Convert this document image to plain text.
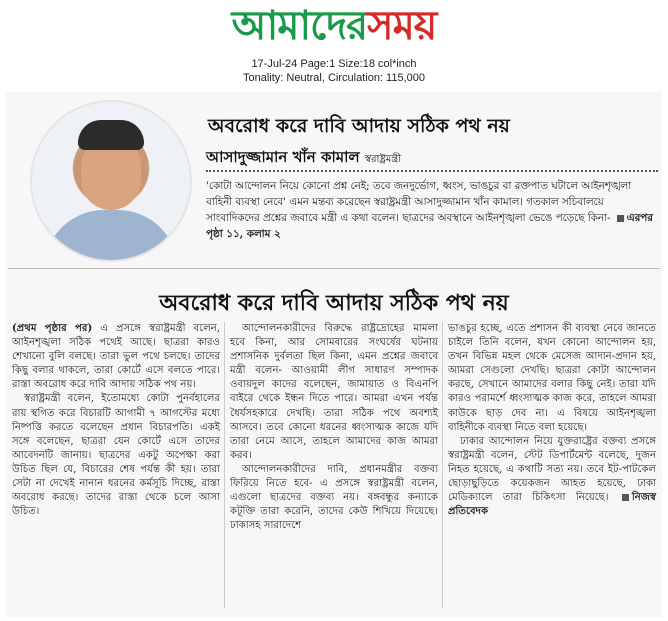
আমাদেরসময়
17-Jul-24 Page:1 Size:18 col*inch
Tonality: Neutral, Circulation: 115,000
অবরোধ করে দাবি আদায় সঠিক পথ নয়
আসাদুজ্জামান খাঁন কামাল স্বরাষ্ট্রমন্ত্রী
'কোটা আন্দোলন নিয়ে কোনো প্রশ্ন নেই; তবে জনদুর্ভোগ, ধ্বংস, ভাঙচুর বা রক্তপাত ঘটালে আইনশৃঙ্খলা বাহিনী ব্যবস্থা নেবে' এমন মন্তব্য করেছেন স্বরাষ্ট্রমন্ত্রী আসাদুজ্জামান খাঁন কামাল। গতকাল সচিবালয়ে সাংবাদিকদের প্রশ্নের জবাবে মন্ত্রী এ কথা বলেন। ছাত্রদের অবস্থানে আইনশৃঙ্খলা ভেঙে পড়েছে কিনা- এরপর পৃষ্ঠা ১১, কলাম ২
অবরোধ করে দাবি আদায় সঠিক পথ নয়

(প্রথম পৃষ্ঠার পর) এ প্রসঙ্গে স্বরাষ্ট্রমন্ত্রী বলেন, আইনশৃঙ্খলা সঠিক পথেই আছে। ছাত্ররা কারও শেখানো বুলি বলছে। তারা ভুল পথে চলছে। তাদের কিছু বলার থাকলে, তারা কোর্টে এসে বলতে পারে। রাস্তা অবরোধ করে দাবি আদায় সঠিক পথ নয়।

স্বরাষ্ট্রমন্ত্রী বলেন, ইতোমধ্যে কোটা পুনর্বহালের রায় স্থগিত করে বিচারটি আগামী ৭ আগস্টের মধ্যে নিষ্পত্তি করতে বলেছেন প্রধান বিচারপতি। একই সঙ্গে বলেছেন, ছাত্ররা যেন কোর্টে এসে তাদের আবেদনটি জানায়। ছাত্রদের একটু অপেক্ষা করা উচিত ছিল যে, বিচারের শেষ পর্যন্ত কী হয়। তারা সেটা না দেখেই নানান ধরনের কর্মসূচি দিচ্ছে, রাস্তা অবরোধ করছে। তাদের রাস্তা থেকে চলে আসা উচিত।

আন্দোলনকারীদের বিরুদ্ধে রাষ্ট্রদ্রোহের মামলা হবে কিনা, আর সোমবারের সংঘর্ষের ঘটনায় প্রশাসনিক দুর্বলতা ছিল কিনা, এমন প্রশ্নের জবাবে মন্ত্রী বলেন- আওয়ামী লীগ সাধারণ সম্পাদক ওবায়দুল কাদের বলেছেন, জামায়াত ও বিএনপি বাইরে থেকে ইন্ধন দিতে পারে। আমরা এখন পর্যন্ত ধৈর্যসহকারে দেখছি। তারা সঠিক পথে অবশ্যই আসবে। তবে কোনো ধরনের ধ্বংসাত্মক কাজে যদি তারা নেমে আসে, তাহলে আমাদের কাজ আমরা করব।

আন্দোলনকারীদের দাবি, প্রধানমন্ত্রীর বক্তব্য ফিরিয়ে নিতে হবে- এ প্রসঙ্গে স্বরাষ্ট্রমন্ত্রী বলেন, এগুলো ছাত্রদের বক্তব্য নয়। বঙ্গবন্ধুর কন্যাকে কটূক্তি তারা করেনি, তাদের কেউ শিখিয়ে দিয়েছে। ঢাকাসহ সারাদেশে

ভাঙচুর হচ্ছে, এতে প্রশাসন কী ব্যবস্থা নেবে জানতে চাইলে তিনি বলেন, যখন কোনো আন্দোলন হয়, তখন বিভিন্ন মহল থেকে মেসেজ আদান-প্রদান হয়, আমরা সেগুলো দেখছি। ছাত্ররা কোটা আন্দোলন করছে, সেখানে আমাদের বলার কিছু নেই। তারা যদি কারও পরামর্শে ধ্বংসাত্মক কাজ করে, তাহলে আমরা কাউকে ছাড় দেব না। এ বিষয়ে আইনশৃঙ্খলা বাহিনীকে ব্যবস্থা নিতে বলা হয়েছে।

ঢাকার আন্দোলন নিয়ে যুক্তরাষ্ট্রের বক্তব্য প্রসঙ্গে স্বরাষ্ট্রমন্ত্রী বলেন, স্টেট ডিপার্টমেন্ট বলেছে, দুজন নিহত হয়েছে, এ কথাটি সত্য নয়। তবে ইট-পাটকেল ছোড়াছুড়িতে কয়েকজন আহত হয়েছে, ঢাকা মেডিক্যালে তারা চিকিৎসা নিয়েছে। নিজস্ব প্রতিবেদক
